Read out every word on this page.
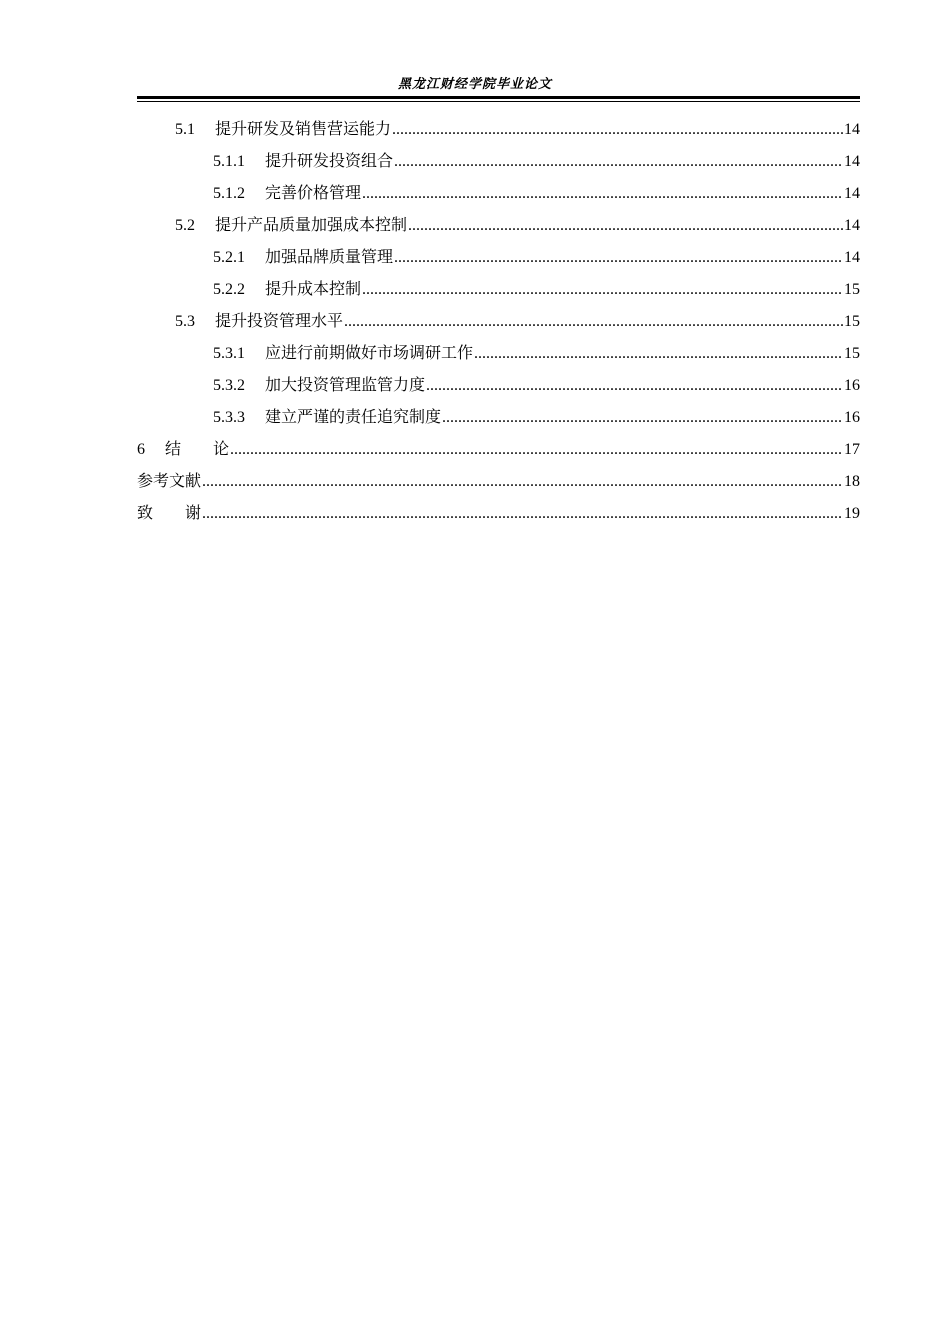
黑龙江财经学院毕业论文
5.1 提升研发及销售营运能力 .....	14
5.1.1 提升研发投资组合 .....	14
5.1.2 完善价格管理 .....	14
5.2 提升产品质量加强成本控制 .....	14
5.2.1 加强品牌质量管理 .....	14
5.2.2 提升成本控制 .....	15
5.3 提升投资管理水平 .....	15
5.3.1 应进行前期做好市场调研工作 .....	15
5.3.2 加大投资管理监管力度 .....	16
5.3.3 建立严谨的责任追究制度 .....	16
6 结　　论 .....	17
参考文献 .....	18
致　　谢 .....	19
